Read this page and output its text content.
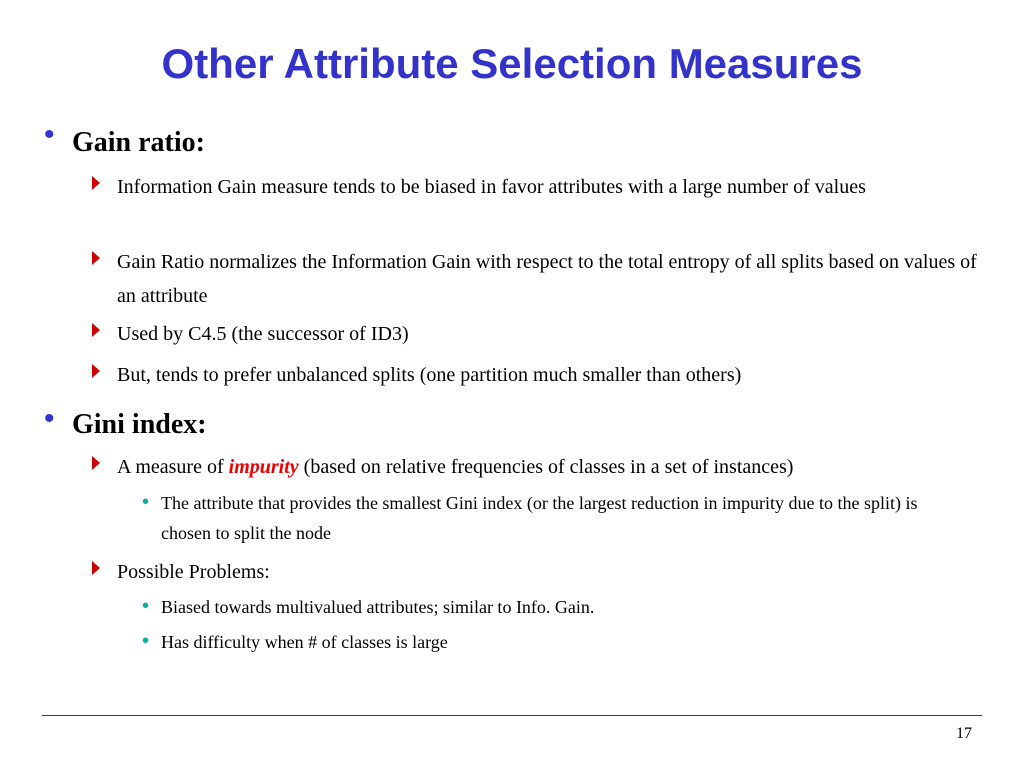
Other Attribute Selection Measures
• Gain ratio:
Information Gain measure tends to be biased in favor attributes with a large number of values
Gain Ratio normalizes the Information Gain with respect to the total entropy of all splits based on values of an attribute
Used by C4.5 (the successor of ID3)
But, tends to prefer unbalanced splits (one partition much smaller than others)
• Gini index:
A measure of impurity (based on relative frequencies of classes in a set of instances)
• The attribute that provides the smallest Gini index (or the largest reduction in impurity due to the split) is chosen to split the node
Possible Problems:
• Biased towards multivalued attributes; similar to Info. Gain.
• Has difficulty when # of classes is large
17
